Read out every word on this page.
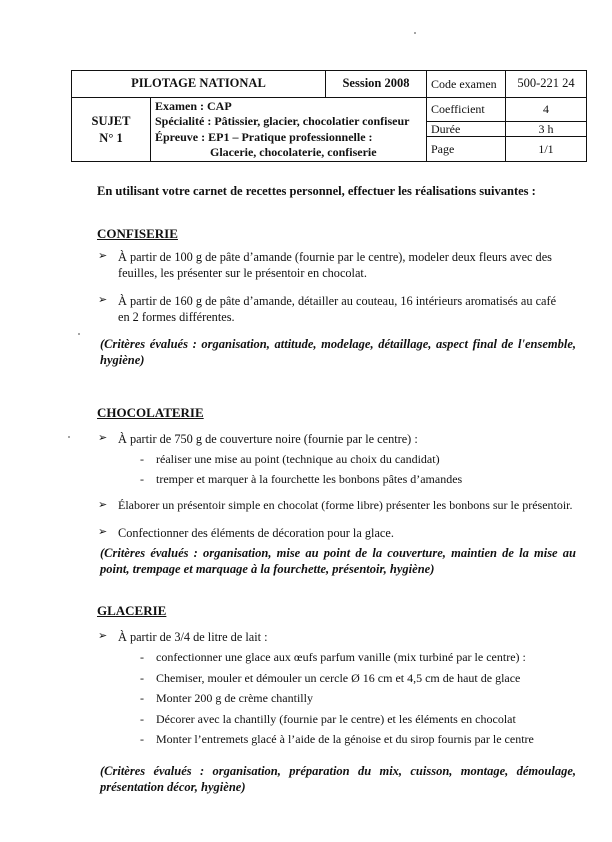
PILOTAGE NATIONAL		Session 2008	Code examen	500-221 24
SUJET
N° 1	Examen : CAP
Spécialité : Pâtissier, glacier, chocolatier confiseur
Épreuve : EP1 – Pratique professionnelle :
Glacerie, chocolaterie, confiserie		Coefficient	4
			Durée	3 h
			Page	1/1
En utilisant votre carnet de recettes personnel, effectuer les réalisations suivantes :
CONFISERIE
➢ À partir de 100 g de pâte d’amande (fournie par le centre), modeler deux fleurs avec des feuilles, les présenter sur le présentoir en chocolat.
➢ À partir de 160 g de pâte d’amande, détailler au couteau, 16 intérieurs aromatisés au café en 2 formes différentes.
(Critères évalués : organisation, attitude, modelage, détaillage, aspect final de l'ensemble, hygiène)
CHOCOLATERIE
➢ À partir de 750 g de couverture noire (fournie par le centre) :
- réaliser une mise au point (technique au choix du candidat)
- tremper et marquer à la fourchette les bonbons pâtes d’amandes
➢ Élaborer un présentoir simple en chocolat (forme libre) présenter les bonbons sur le présentoir.
➢ Confectionner des éléments de décoration pour la glace.
(Critères évalués : organisation, mise au point de la couverture, maintien de la mise au point, trempage et marquage à la fourchette, présentoir, hygiène)
GLACERIE
➢ À partir de 3/4 de litre de lait :
- confectionner une glace aux œufs parfum vanille (mix turbiné par le centre) :
- Chemiser, mouler et démouler un cercle Ø 16 cm et 4,5 cm de haut de glace
- Monter 200 g de crème chantilly
- Décorer avec la chantilly (fournie par le centre) et les éléments en chocolat
- Monter l’entremets glacé à l’aide de la génoise et du sirop fournis par le centre
(Critères évalués : organisation, préparation du mix, cuisson, montage, démoulage, présentation décor, hygiène)
